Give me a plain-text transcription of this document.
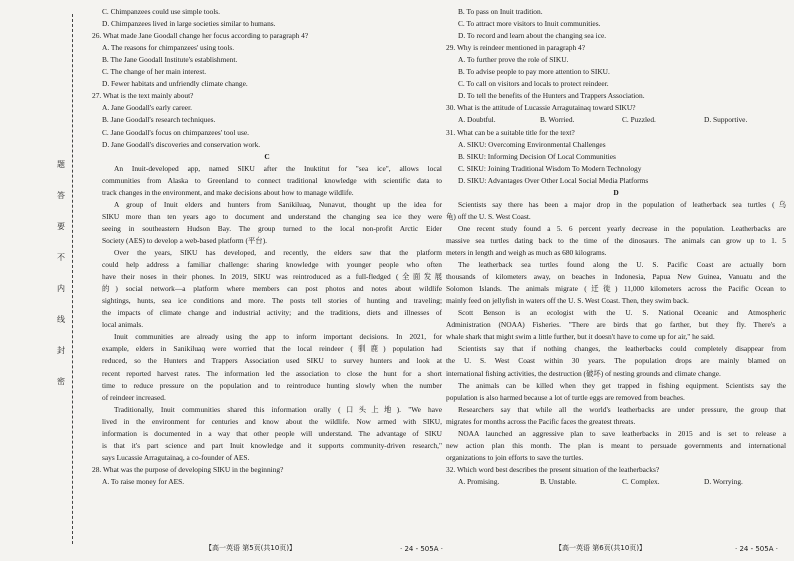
题
答
要
不
内
线
封
密
C. Chimpanzees could use simple tools.
D. Chimpanzees lived in large societies similar to humans.
26. What made Jane Goodall change her focus according to paragraph 4?
A. The reasons for chimpanzees' using tools.
B. The Jane Goodall Institute's establishment.
C. The change of her main interest.
D. Fewer habitats and unfriendly climate change.
27. What is the text mainly about?
A. Jane Goodall's early career.
B. Jane Goodall's research techniques.
C. Jane Goodall's focus on chimpanzees' tool use.
D. Jane Goodall's discoveries and conservation work.
C
An Inuit-developed app, named SIKU after the Inuktitut for "sea ice", allows local
communities from Alaska to Greenland to connect traditional knowledge with scientific data to
track changes in the environment, and make decisions about how to manage wildlife.
A group of Inuit elders and hunters from Sanikiluaq, Nunavut, thought up the idea for
SIKU more than ten years ago to document and understand the changing sea ice they were
seeing in southeastern Hudson Bay. The group turned to the local non-profit Arctic Eider
Society (AES) to develop a web-based platform (平台).
Over the years, SIKU has developed, and recently, the elders saw that the platform
could help address a familiar challenge: sharing knowledge with younger people who often
have their noses in their phones. In 2019, SIKU was reintroduced as a full-fledged (全面发展
的) social network—a platform where members can post photos and notes about wildlife
sightings, hunts, sea ice conditions and more. The posts tell stories of hunting and traveling;
the impacts of climate change and industrial activity; and the traditions, diets and illnesses of
local animals.
Inuit communities are already using the app to inform important decisions. In 2021, for
example, elders in Sanikiluaq were worried that the local reindeer (驯鹿) population had
reduced, so the Hunters and Trappers Association used SIKU to survey hunters and look at
recent reported harvest rates. The information led the association to close the hunt for a short
time to reduce pressure on the population and to reintroduce hunting slowly when the number
of reindeer increased.
Traditionally, Inuit communities shared this information orally (口头上地). "We have
lived in the environment for centuries and know about the wildlife. Now armed with SIKU,
information is documented in a way that other people will understand. The advantage of SIKU
is that it's part science and part Inuit knowledge and it supports community-driven research,"
says Lucassie Arragutainaq, a co-founder of AES.
28. What was the purpose of developing SIKU in the beginning?
A. To raise money for AES.
B. To pass on Inuit tradition.
C. To attract more visitors to Inuit communities.
D. To record and learn about the changing sea ice.
29. Why is reindeer mentioned in paragraph 4?
A. To further prove the role of SIKU.
B. To advise people to pay more attention to SIKU.
C. To call on visitors and locals to protect reindeer.
D. To tell the benefits of the Hunters and Trappers Association.
30. What is the attitude of Lucassie Arragutainaq toward SIKU?
A. Doubtful.	B. Worried.	C. Puzzled.	D. Supportive.
31. What can be a suitable title for the text?
A. SIKU: Overcoming Environmental Challenges
B. SIKU: Informing Decision Of Local Communities
C. SIKU: Joining Traditional Wisdom To Modern Technology
D. SIKU: Advantages Over Other Local Social Media Platforms
D
Scientists say there has been a major drop in the population of leatherback sea turtles (乌
龟) off the U. S. West Coast.
One recent study found a 5. 6 percent yearly decrease in the population. Leatherbacks are
massive sea turtles dating back to the time of the dinosaurs. The animals can grow up to 1. 5
meters in length and weigh as much as 680 kilograms.
The leatherback sea turtles found along the U. S. Pacific Coast are actually born
thousands of kilometers away, on beaches in Indonesia, Papua New Guinea, Vanuatu and the
Solomon Islands. The animals migrate (迁徙) 11,000 kilometers across the Pacific Ocean to
mainly feed on jellyfish in waters off the U. S. West Coast. Then, they swim back.
Scott Benson is an ecologist with the U. S. National Oceanic and Atmospheric
Administration (NOAA) Fisheries. "There are birds that go farther, but they fly. There's a
whale shark that might swim a little further, but it doesn't have to come up for air," he said.
Scientists say that if nothing changes, the leatherbacks could completely disappear from
the U. S. West Coast within 30 years. The population drops are mainly blamed on
international fishing activities, the destruction (破坏) of nesting grounds and climate change.
The animals can be killed when they get trapped in fishing equipment. Scientists say the
population is also harmed because a lot of turtle eggs are removed from beaches.
Researchers say that while all the world's leatherbacks are under pressure, the group that
migrates for months across the Pacific faces the greatest threats.
NOAA launched an aggressive plan to save leatherbacks in 2015 and is set to release a
new action plan this month. The plan is meant to persuade governments and international
organizations to join efforts to save the turtles.
32. Which word best describes the present situation of the leatherbacks?
A. Promising.	B. Unstable.	C. Complex.	D. Worrying.
【高一英语 第5页(共10页)】	· 24 - 505A ·	【高一英语 第6页(共10页)】	· 24 - 505A ·
